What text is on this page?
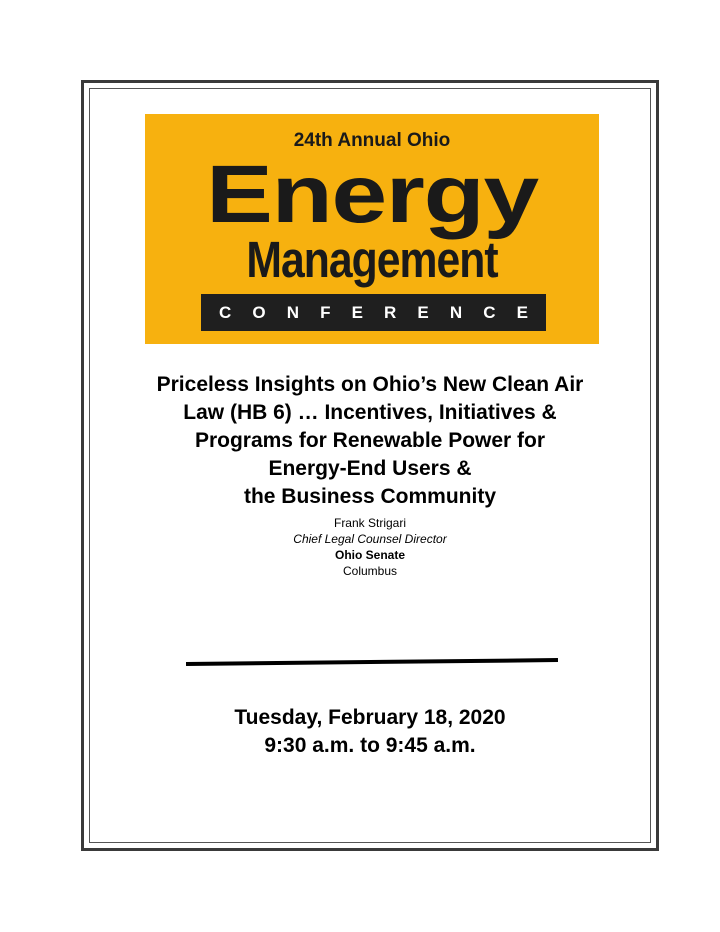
24th Annual Ohio
Energy
Management
C O N F E R E N C E
Priceless Insights on Ohio’s New Clean Air
Law (HB 6) … Incentives, Initiatives &
Programs for Renewable Power for
Energy-End Users &
the Business Community
Frank Strigari
Chief Legal Counsel Director
Ohio Senate
Columbus
Tuesday, February 18, 2020
9:30 a.m. to 9:45 a.m.
